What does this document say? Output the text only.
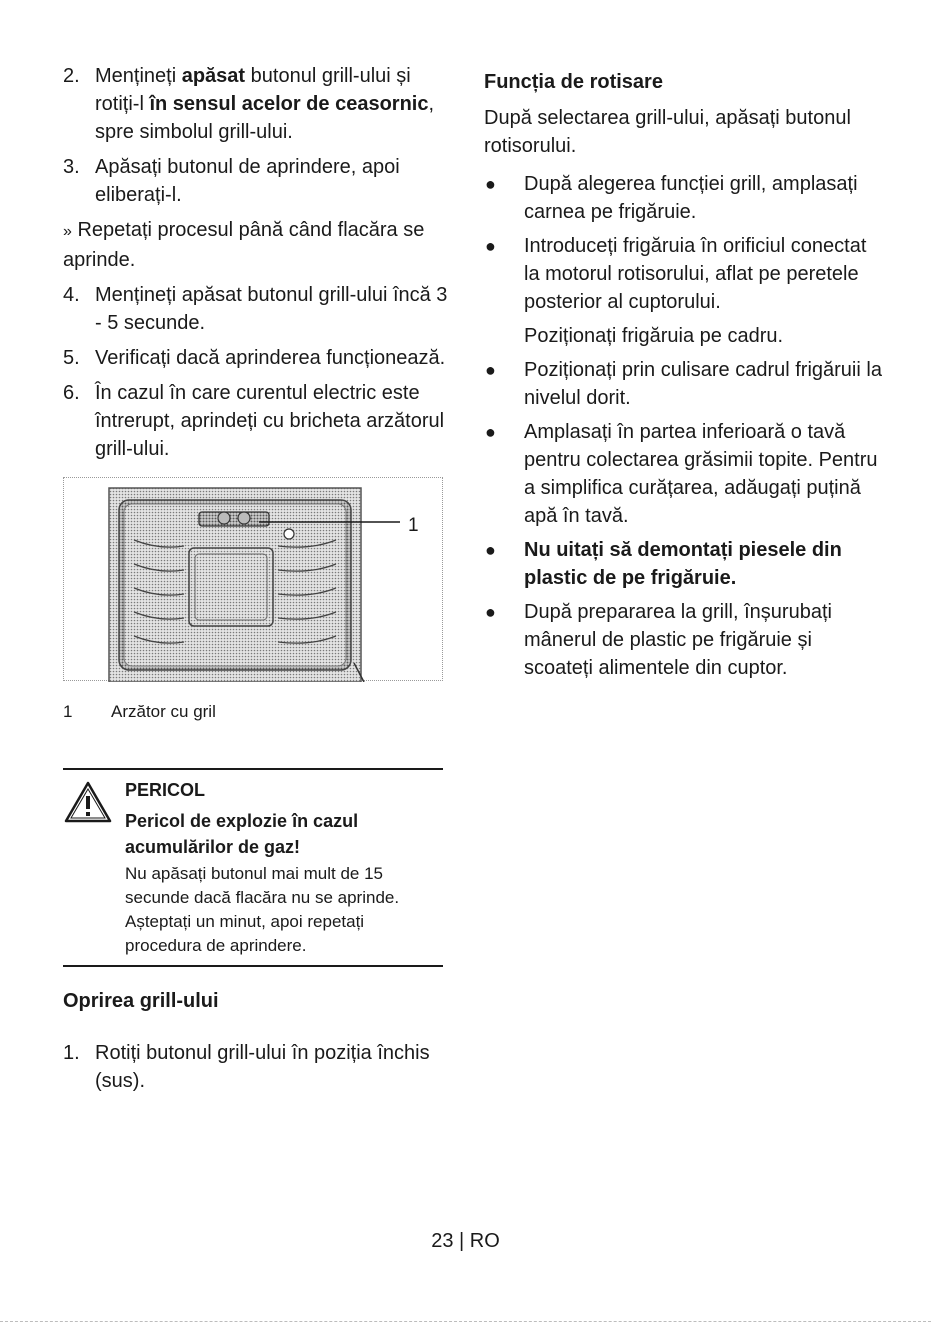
2. Mențineți apăsat butonul grill-ului și rotiți-l în sensul acelor de ceasornic, spre simbolul grill-ului.
3. Apăsați butonul de aprindere, apoi eliberați-l.
» Repetați procesul până când flacăra se aprinde.
4. Mențineți apăsat butonul grill-ului încă 3 - 5 secunde.
5. Verificați dacă aprinderea funcționează.
6. În cazul în care curentul electric este întrerupt, aprindeți cu bricheta arzătorul grill-ului.
1
1 Arzător cu gril
PERICOL
Pericol de explozie în cazul acumulărilor de gaz!
Nu apăsați butonul mai mult de 15 secunde dacă flacăra nu se aprinde.
Așteptați un minut, apoi repetați procedura de aprindere.
Oprirea grill-ului
1. Rotiți butonul grill-ului în poziția închis (sus).
Funcția de rotisare
După selectarea grill-ului, apăsați butonul rotisorului.
● După alegerea funcției grill, amplasați carnea pe frigăruie.
● Introduceți frigăruia în orificiul conectat la motorul rotisorului, aflat pe peretele posterior al cuptorului.
Poziționați frigăruia pe cadru.
● Poziționați prin culisare cadrul frigăruii la nivelul dorit.
● Amplasați în partea inferioară o tavă pentru colectarea grăsimii topite. Pentru a simplifica curățarea, adăugați puțină apă în tavă.
● Nu uitați să demontați piesele din plastic de pe frigăruie.
● După prepararea la grill, înșurubați mânerul de plastic pe frigăruie și scoateți alimentele din cuptor.
23 | RO
